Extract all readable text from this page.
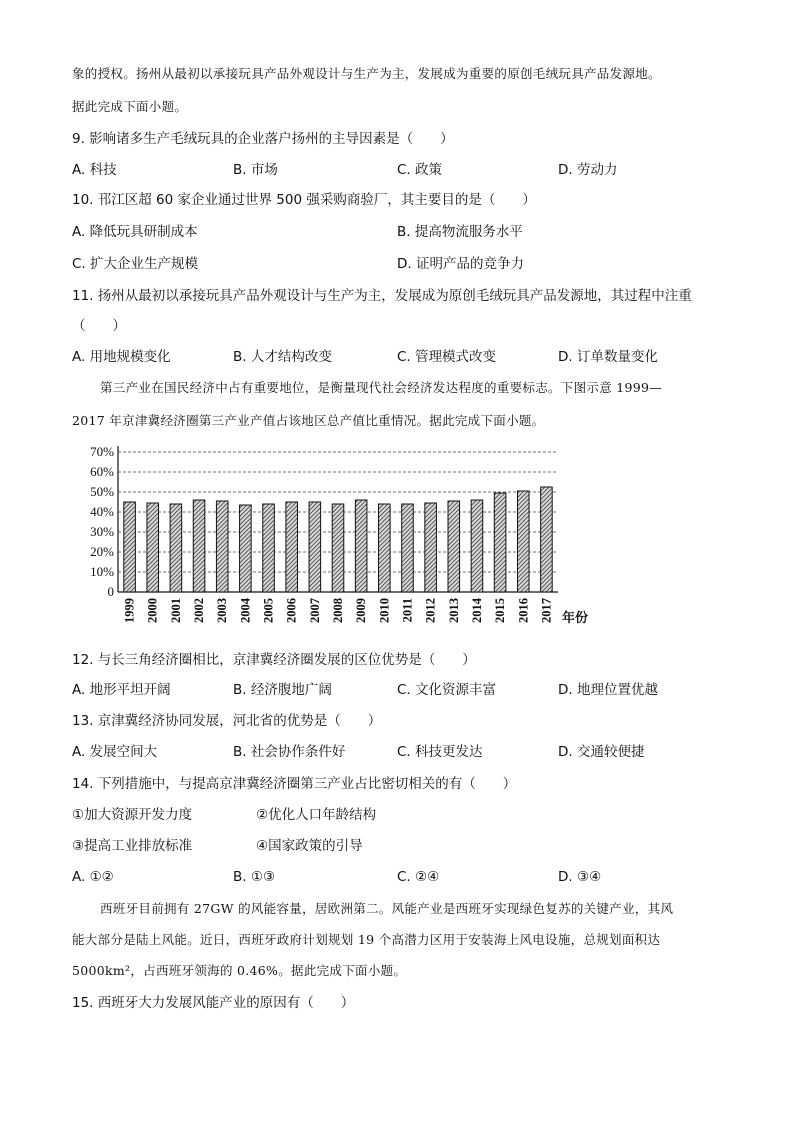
象的授权。扬州从最初以承接玩具产品外观设计与生产为主，发展成为重要的原创毛绒玩具产品发源地。
据此完成下面小题。
9. 影响诸多生产毛绒玩具的企业落户扬州的主导因素是（　　）
A. 科技	B. 市场	C. 政策	D. 劳动力
10. 邗江区超 60 家企业通过世界 500 强采购商验厂，其主要目的是（　　）
A. 降低玩具研制成本	B. 提高物流服务水平
C. 扩大企业生产规模	D. 证明产品的竞争力
11. 扬州从最初以承接玩具产品外观设计与生产为主，发展成为原创毛绒玩具产品发源地，其过程中注重
（　　）
A. 用地规模变化	B. 人才结构改变	C. 管理模式改变	D. 订单数量变化
第三产业在国民经济中占有重要地位，是衡量现代社会经济发达程度的重要标志。下图示意 1999—
2017 年京津冀经济圈第三产业产值占该地区总产值比重情况。据此完成下面小题。
0
10%
20%
30%
40%
50%
60%
70%
1999 2000 2001 2002 2003 2004 2005 2006 2007 2008 2009 2010 2011 2012 2013 2014 2015 2016 2017 年份
12. 与长三角经济圈相比，京津冀经济圈发展的区位优势是（　　）
A. 地形平坦开阔	B. 经济腹地广阔	C. 文化资源丰富	D. 地理位置优越
13. 京津冀经济协同发展，河北省的优势是（　　）
A. 发展空间大	B. 社会协作条件好	C. 科技更发达	D. 交通较便捷
14. 下列措施中，与提高京津冀经济圈第三产业占比密切相关的有（　　）
①加大资源开发力度	②优化人口年龄结构
③提高工业排放标准	④国家政策的引导
A. ①②	B. ①③	C. ②④	D. ③④
西班牙目前拥有 27GW 的风能容量，居欧洲第二。风能产业是西班牙实现绿色复苏的关键产业，其风
能大部分是陆上风能。近日，西班牙政府计划规划 19 个高潜力区用于安装海上风电设施，总规划面积达
5000km²，占西班牙领海的 0.46%。据此完成下面小题。
15. 西班牙大力发展风能产业的原因有（　　）
